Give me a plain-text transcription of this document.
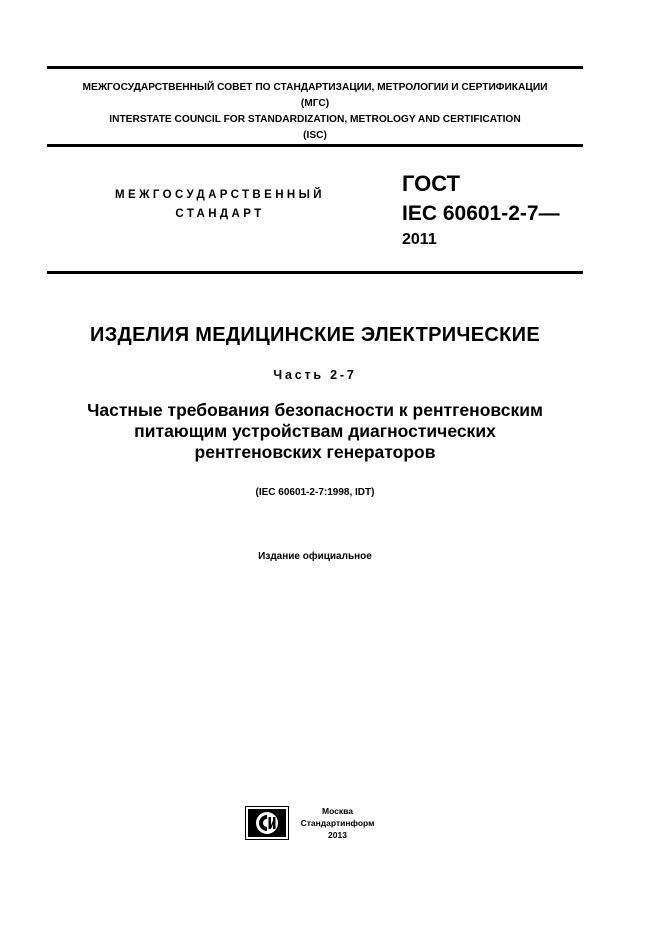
МЕЖГОСУДАРСТВЕННЫЙ СОВЕТ ПО СТАНДАРТИЗАЦИИ, МЕТРОЛОГИИ И СЕРТИФИКАЦИИ
(МГС)
INTERSTATE COUNCIL FOR STANDARDIZATION, METROLOGY AND CERTIFICATION
(ISC)
МЕЖГОСУДАРСТВЕННЫЙ
СТАНДАРТ
ГОСТ
IEC 60601-2-7—
2011
ИЗДЕЛИЯ МЕДИЦИНСКИЕ ЭЛЕКТРИЧЕСКИЕ
Часть 2-7
Частные требования безопасности к рентгеновским
питающим устройствам диагностических
рентгеновских генераторов
(IEC 60601-2-7:1998, IDT)
Издание официальное
Москва
Стандартинформ
2013
